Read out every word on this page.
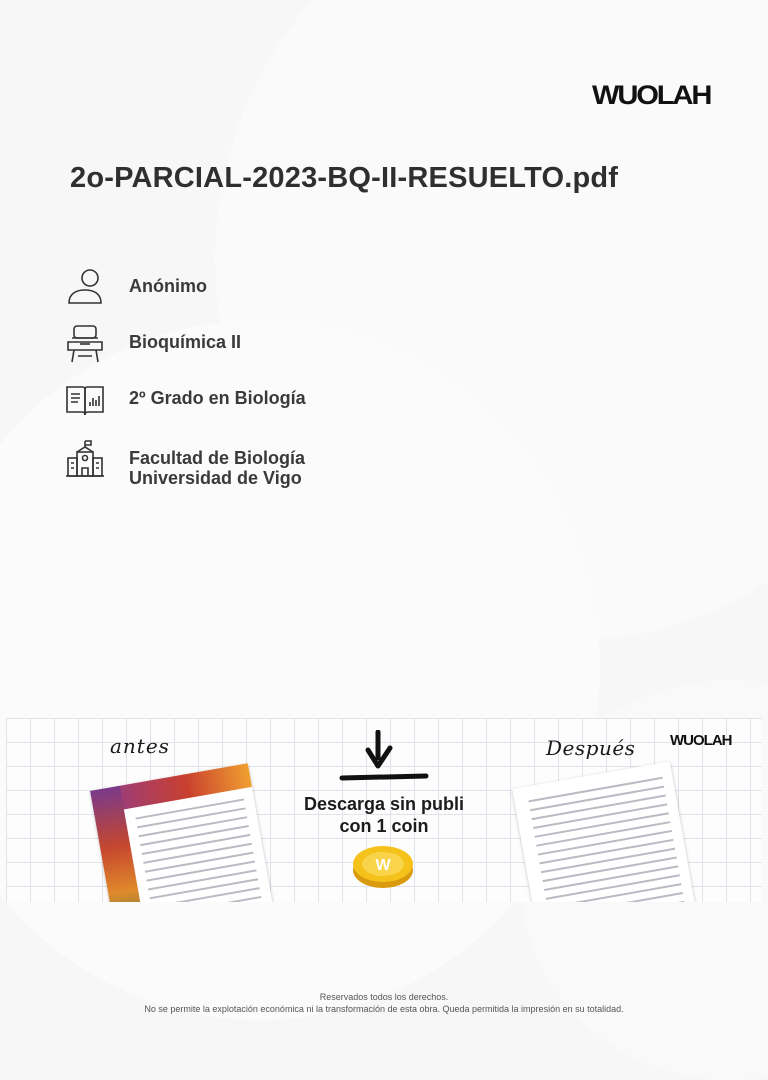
WUOLAH
2o-PARCIAL-2023-BQ-II-RESUELTO.pdf
Anónimo
Bioquímica II
2º Grado en Biología
Facultad de Biología
Universidad de Vigo
antes	Después WUOLAH
Descarga sin publi
con 1 coin
W
Reservados todos los derechos.
No se permite la explotación económica ni la transformación de esta obra. Queda permitida la impresión en su totalidad.
